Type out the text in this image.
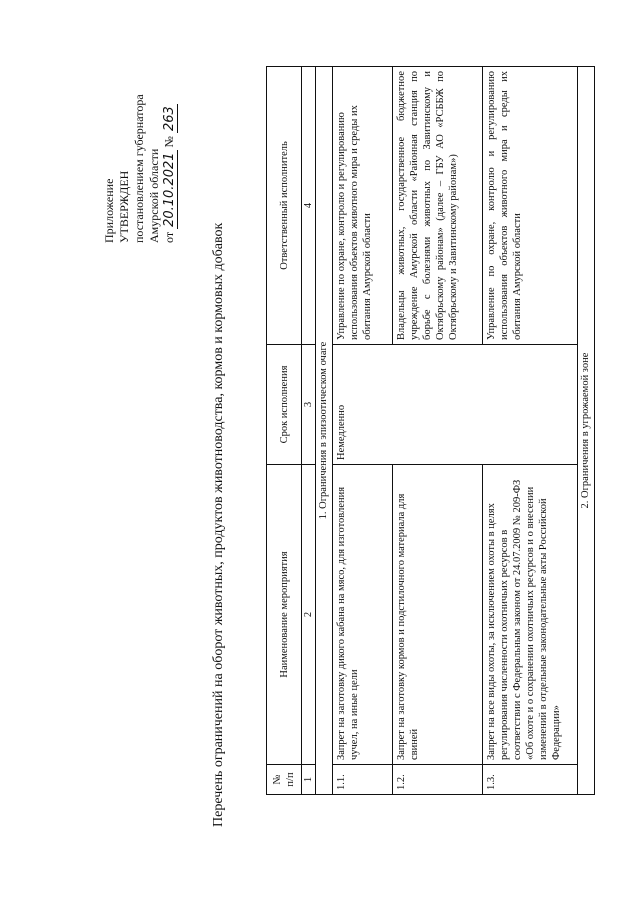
Приложение УТВЕРЖДЕН постановлением губернатора Амурской области от 20.10.2021 № 263
Перечень ограничений на оборот животных, продуктов животноводства, кормов и кормовых добавок	№ п/п	Наименование мероприятия	Срок исполнения	Ответственный исполнитель
1	2	3	4
1. Ограничения в эпизоотическом очаге			
1.1.	Запрет на заготовку дикого кабана на мясо, для изготовления чучел, на иные цели	Немедленно	Управление по охране, контролю и регулированию использования объектов животного мира и среды их обитания Амурской области
1.2.	Запрет на заготовку кормов и подстилочного материала для свиней		Владельцы животных, государственное бюджетное учреждение Амурской области «Районная станция по борьбе с болезнями животных по Завитинскому и Октябрьскому районам» (далее – ГБУ АО «РСББЖ по Октябрьскому и Завитинскому районам»)
1.3.	Запрет на все виды охоты, за исключением охоты в целях регулирования численности охотничьих ресурсов в соответствии с Федеральным законом от 24.07.2009 № 209-ФЗ «Об охоте и о сохранении охотничьих ресурсов и о внесении изменений в отдельные законодательные акты Российской Федерации»		Управление по охране, контролю и регулированию использования объектов животного мира и среды их обитания Амурской области
2. Ограничения в угрожаемой зоне			
